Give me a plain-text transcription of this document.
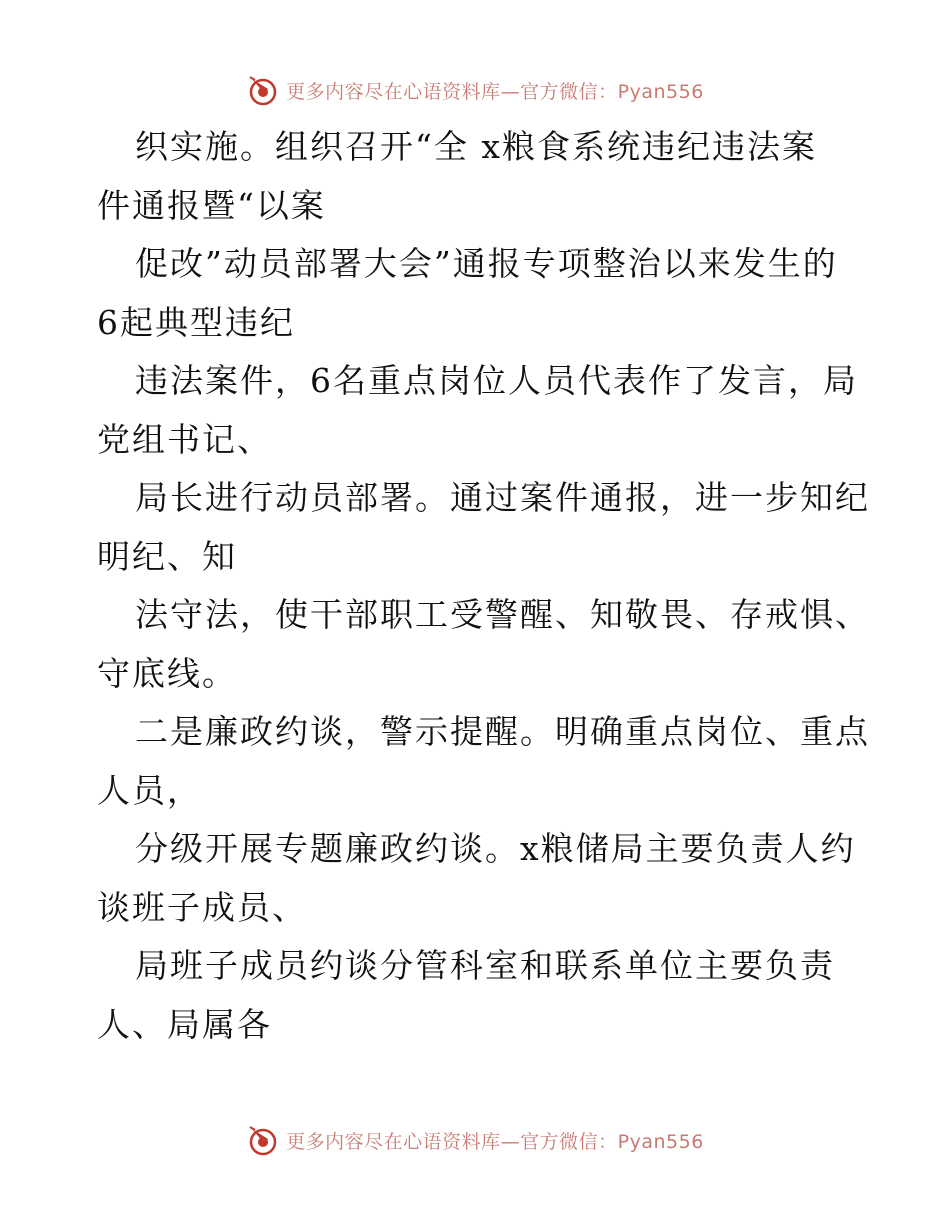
更多内容尽在心语资料库—官方微信：Pyan556
织实施。组织召开“全 x粮食系统违纪违法案
件通报暨“以案
促改”动员部署大会”通报专项整治以来发生的
6起典型违纪
违法案件，6名重点岗位人员代表作了发言，局
党组书记、
局长进行动员部署。通过案件通报，进一步知纪
明纪、知
法守法，使干部职工受警醒、知敬畏、存戒惧、
守底线。
二是廉政约谈，警示提醒。明确重点岗位、重点
人员，
分级开展专题廉政约谈。x粮储局主要负责人约
谈班子成员、
局班子成员约谈分管科室和联系单位主要负责
人、局属各
更多内容尽在心语资料库—官方微信：Pyan556
